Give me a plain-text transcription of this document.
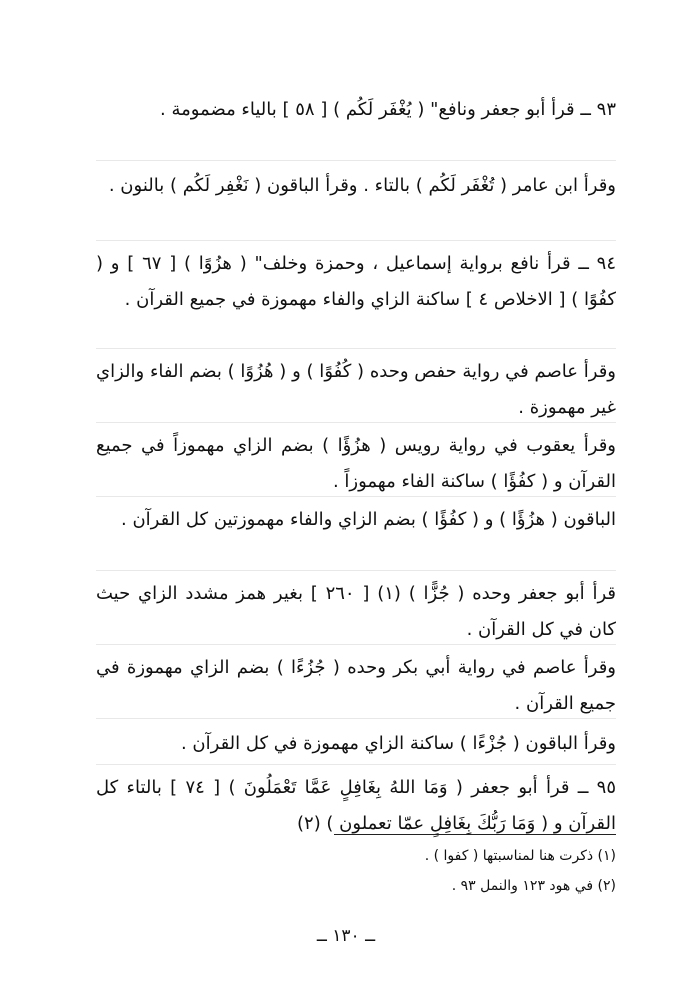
٩٣ ــ قرأ أبو جعفر ونافع" ( يُغْفَر لَكُم ) [ ٥٨ ] بالياء مضمومة .
وقرأ ابن عامر ( تُغْفَر لَكُم ) بالتاء . وقرأ الباقون ( نَغْفِر لَكُم ) بالنون .
٩٤ ــ قرأ نافع برواية إسماعيل ، وحمزة وخلف" ( هزُوًا ) [ ٦٧ ] و ( كفُوًا ) [ الاخلاص ٤ ] ساكنة الزاي والفاء مهموزة في جميع القرآن .
وقرأ عاصم في رواية حفص وحده ( كُفُوًا ) و ( هُزُوًا ) بضم الفاء والزاي غير مهموزة .
وقرأ يعقوب في رواية رويس ( هزُؤًا ) بضم الزاي مهموزاً في جميع القرآن و ( كفُؤًا ) ساكنة الفاء مهموزاً .
الباقون ( هزُؤًا ) و ( كفُؤًا ) بضم الزاي والفاء مهموزتين كل القرآن .
قرأ أبو جعفر وحده ( جُزًّا ) (١) [ ٢٦٠ ] بغير همز مشدد الزاي حيث كان في كل القرآن .
وقرأ عاصم في رواية أبي بكر وحده ( جُزُءًا ) بضم الزاي مهموزة في جميع القرآن .
وقرأ الباقون ( جُزْءًا ) ساكنة الزاي مهموزة في كل القرآن .
٩٥ ــ قرأ أبو جعفر ( وَمَا اللهُ بِغَافِلٍ عَمَّا تَعْمَلُونَ ) [ ٧٤ ] بالتاء كل القرآن و ( وَمَا رَبُّكَ بِغَافِلٍ عمّا تعملون ) (٢)
(١) ذكرت هنا لمناسبتها ( كفوا ) .
(٢) في هود ١٢٣ والنمل ٩٣ .
ــ ١٣٠ ــ
